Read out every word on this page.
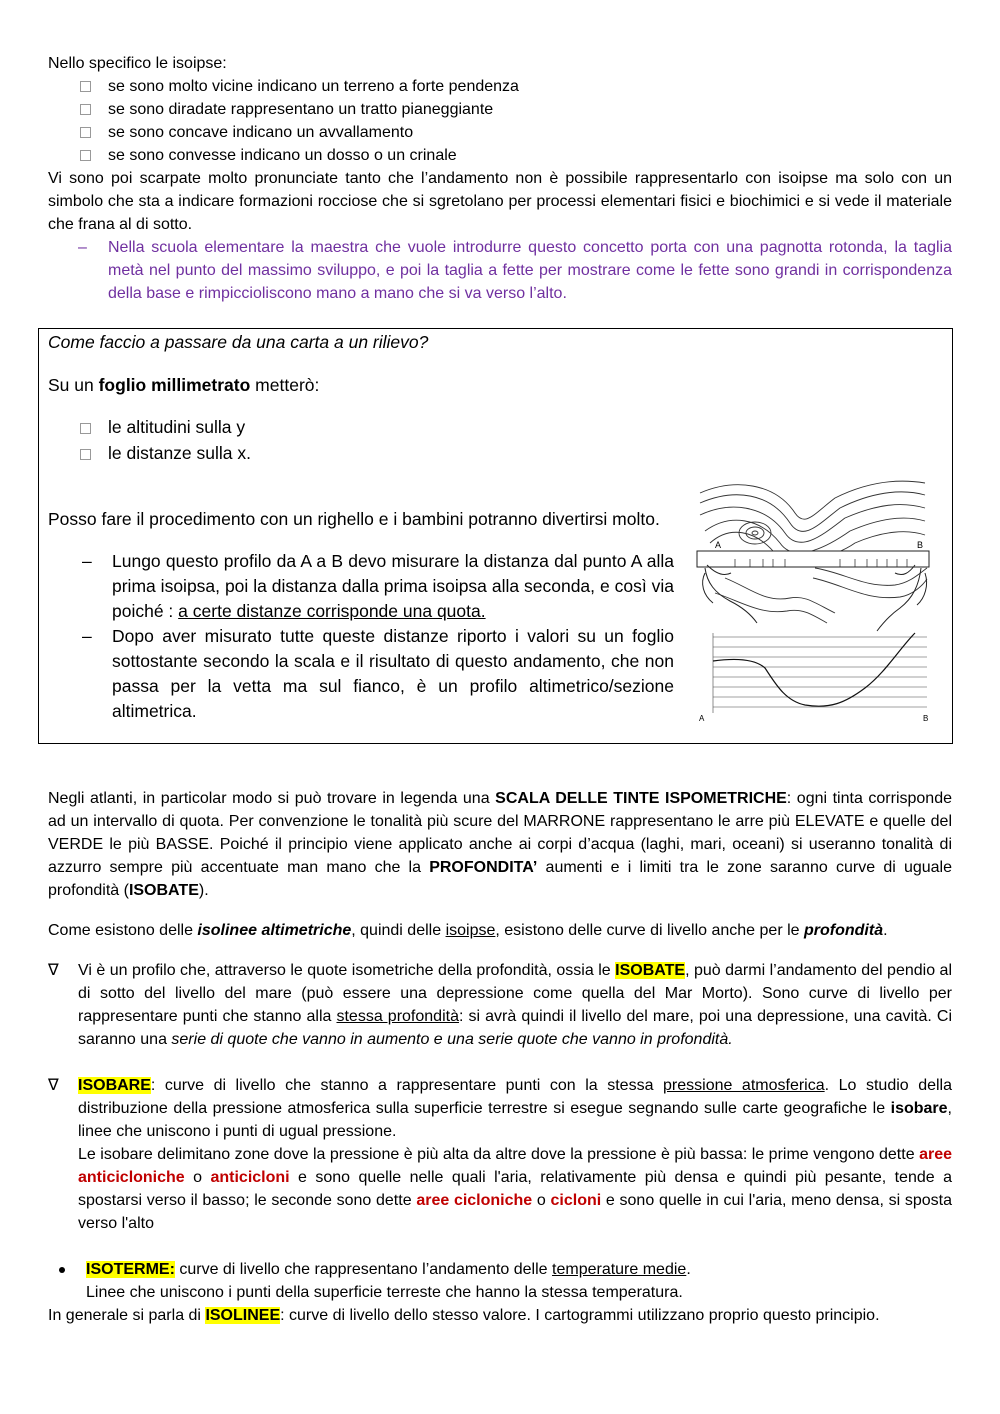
Nello specifico le isoipse:

se sono molto vicine indicano un terreno a forte pendenza

se sono diradate rappresentano un tratto pianeggiante

se sono concave indicano un avvallamento

se sono convesse indicano un dosso o un crinale

Vi sono poi scarpate molto pronunciate tanto che l’andamento non è possibile rappresentarlo con isoipse ma solo con un simbolo che sta a indicare formazioni rocciose che si sgretolano per processi elementari fisici e biochimici e si vede il materiale che frana al di sotto.

– Nella scuola elementare la maestra che vuole introdurre questo concetto porta con una pagnotta rotonda, la taglia metà nel punto del massimo sviluppo, e poi la taglia a fette per mostrare come le fette sono grandi in corrispondenza della base e rimpiccioliscono mano a mano che si va verso l’alto.

Come faccio a passare da una carta a un rilievo?

Su un foglio millimetrato metterò:

le altitudini sulla y

le distanze sulla x.

Posso fare il procedimento con un righello e i bambini potranno divertirsi molto.

– Lungo questo profilo da A a B devo misurare la distanza dal punto A alla prima isoipsa, poi la distanza dalla prima isoipsa alla seconda, e così via poiché : a certe distanze corrisponde una quota.

– Dopo aver misurato tutte queste distanze riporto i valori su un foglio sottostante secondo la scala e il risultato di questo andamento, che non passa per la vetta ma sul fianco, è un profilo altimetrico/sezione altimetrica.

A	B
A	B

Negli atlanti, in particolar modo si può trovare in legenda una SCALA DELLE TINTE ISPOMETRICHE: ogni tinta corrisponde ad un intervallo di quota. Per convenzione le tonalità più scure del MARRONE rappresentano le arre più ELEVATE e quelle del VERDE le più BASSE. Poiché il principio viene applicato anche ai corpi d’acqua (laghi, mari, oceani) si useranno tonalità di azzurro sempre più accentuate man mano che la PROFONDITA’ aumenti e i limiti tra le zone saranno curve di uguale profondità (ISOBATE).

Come esistono delle isolinee altimetriche, quindi delle isoipse, esistono delle curve di livello anche per le profondità.

∇ Vi è un profilo che, attraverso le quote isometriche della profondità, ossia le ISOBATE, può darmi l’andamento del pendio al di sotto del livello del mare (può essere una depressione come quella del Mar Morto). Sono curve di livello per rappresentare punti che stanno alla stessa profondità: si avrà quindi il livello del mare, poi una depressione, una cavità. Ci saranno una serie di quote che vanno in aumento e una serie quote che vanno in profondità.
∇ ISOBARE: curve di livello che stanno a rappresentare punti con la stessa pressione atmosferica. Lo studio della distribuzione della pressione atmosferica sulla superficie terrestre si esegue segnando sulle carte geografiche le isobare, linee che uniscono i punti di ugual pressione.

Le isobare delimitano zone dove la pressione è più alta da altre dove la pressione è più bassa: le prime vengono dette aree anticicloniche o anticicloni e sono quelle nelle quali l'aria, relativamente più densa e quindi più pesante, tende a spostarsi verso il basso; le seconde sono dette aree cicloniche o cicloni e sono quelle in cui l'aria, meno densa, si sposta verso l'alto

ISOTERME: curve di livello che rappresentano l’andamento delle temperature medie.

Linee che uniscono i punti della superficie terreste che hanno la stessa temperatura.

In generale si parla di ISOLINEE: curve di livello dello stesso valore. I cartogrammi utilizzano proprio questo principio.
